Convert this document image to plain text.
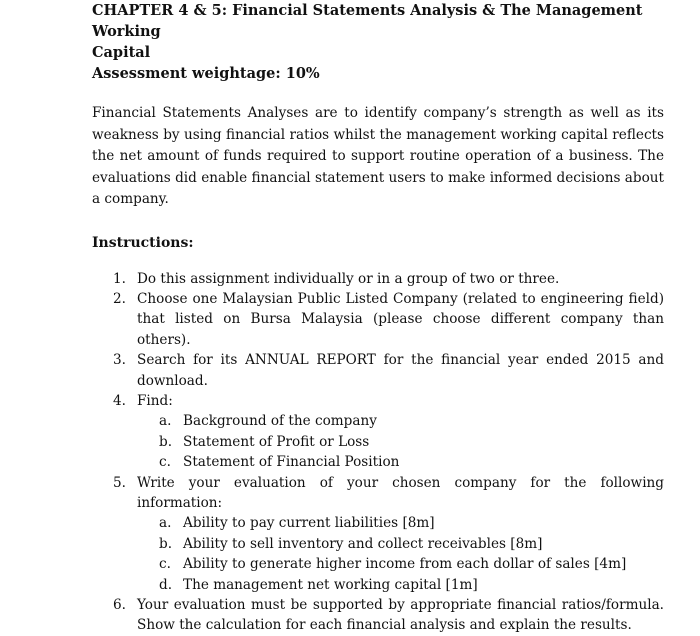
CHAPTER 4 & 5: Financial Statements Analysis & The Management Working
Capital
Assessment weightage: 10%

Financial Statements Analyses are to identify company’s strength as well as its weakness by using financial ratios whilst the management working capital reflects the net amount of funds required to support routine operation of a business. The evaluations did enable financial statement users to make informed decisions about a company.

Instructions:
1. Do this assignment individually or in a group of two or three.
2. Choose one Malaysian Public Listed Company (related to engineering field) that listed on Bursa Malaysia (please choose different company than others).
3. Search for its ANNUAL REPORT for the financial year ended 2015 and download.
4. Find:
a. Background of the company
b. Statement of Profit or Loss
c. Statement of Financial Position
5. Write your evaluation of your chosen company for the following information:
a. Ability to pay current liabilities [8m]
b. Ability to sell inventory and collect receivables [8m]
c. Ability to generate higher income from each dollar of sales [4m]
d. The management net working capital [1m]
6. Your evaluation must be supported by appropriate financial ratios/formula. Show the calculation for each financial analysis and explain the results.
